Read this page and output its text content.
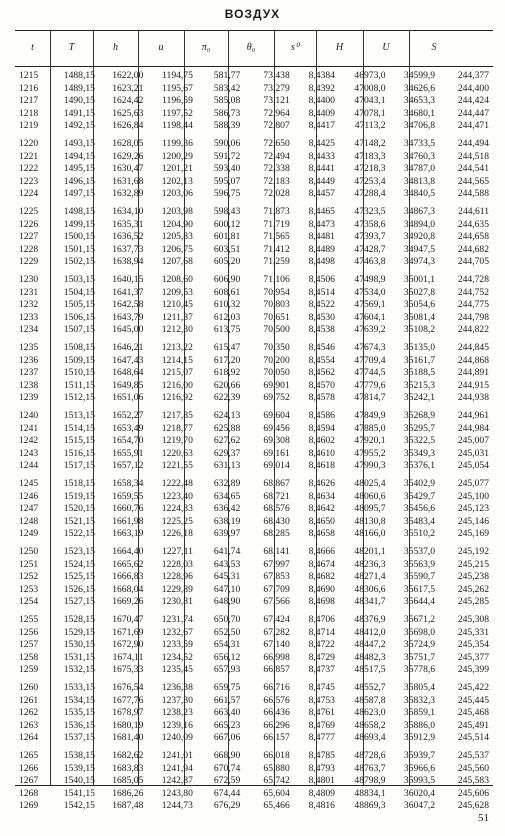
ВОЗДУХ
t	T	h	u	π₀	θ₀	s⁰	H	U	S
1215	1488,15	1622,00	1194,75	581,77	73,438	8,4384	46973,0	34599,9	244,377
1216	1489,15	1623,21	1195,67	583,42	73,279	8,4392	47008,0	34626,6	244,400
1217	1490,15	1624,42	1196,59	585,08	73,121	8,4400	47043,1	34653,3	244,424
1218	1491,15	1625,63	1197,52	586,73	72,964	8,4409	47078,1	34680,1	244,447
1219	1492,15	1626,84	1198,44	588,39	72,807	8,4417	47113,2	34706,8	244,471

1220	1493,15	1628,05	1199,36	590,06	72,650	8,4425	47148,2	34733,5	244,494
1221	1494,15	1629,26	1200,29	591,72	72,494	8,4433	47183,3	34760,3	244,518
1222	1495,15	1630,47	1201,21	593,40	72,338	8,4441	47218,3	34787,0	244,541
1223	1496,15	1631,68	1202,13	595,07	72,183	8,4449	47253,4	34813,8	244,565
1224	1497,15	1632,89	1203,06	596,75	72,028	8,4457	47288,4	34840,5	244,588

1225	1498,15	1634,10	1203,98	598,43	71,873	8,4465	47323,5	34867,3	244,611
1226	1499,15	1635,31	1204,90	600,12	71,719	8,4473	47358,6	34894,0	244,635
1227	1500,15	1636,52	1205,83	601,81	71,565	8,4481	47393,7	34920,8	244,658
1228	1501,15	1637,73	1206,75	603,51	71,412	8,4489	47428,7	34947,5	244,682
1229	1502,15	1638,94	1207,68	605,20	71,259	8,4498	47463,8	34974,3	244,705

1230	1503,15	1640,15	1208,60	606,90	71,106	8,4506	47498,9	35001,1	244,728
1231	1504,15	1641,37	1209,53	608,61	70,954	8,4514	47534,0	35027,8	244,752
1232	1505,15	1642,58	1210,45	610,32	70,803	8,4522	47569,1	35054,6	244,775
1233	1506,15	1643,79	1211,37	612,03	70,651	8,4530	47604,1	35081,4	244,798
1234	1507,15	1645,00	1212,30	613,75	70,500	8,4538	47639,2	35108,2	244,822

1235	1508,15	1646,21	1213,22	615,47	70,350	8,4546	47674,3	35135,0	244,845
1236	1509,15	1647,43	1214,15	617,20	70,200	8,4554	47709,4	35161,7	244,868
1237	1510,15	1648,64	1215,07	618,92	70,050	8,4562	47744,5	35188,5	244,891
1238	1511,15	1649,85	1216,00	620,66	69,901	8,4570	47779,6	35215,3	244,915
1239	1512,15	1651,06	1216,92	622,39	69,752	8,4578	47814,7	35242,1	244,938

1240	1513,15	1652,27	1217,85	624,13	69,604	8,4586	47849,9	35268,9	244,961
1241	1514,15	1653,49	1218,77	625,88	69,456	8,4594	47885,0	35295,7	244,984
1242	1515,15	1654,70	1219,70	627,62	69,308	8,4602	47920,1	35322,5	245,007
1243	1516,15	1655,91	1220,63	629,37	69,161	8,4610	47955,2	35349,3	245,031
1244	1517,15	1657,12	1221,55	631,13	69,014	8,4618	47990,3	35376,1	245,054

1245	1518,15	1658,34	1222,48	632,89	68,867	8,4626	48025,4	35402,9	245,077
1246	1519,15	1659,55	1223,40	634,65	68,721	8,4634	48060,6	35429,7	245,100
1247	1520,15	1660,76	1224,33	636,42	68,576	8,4642	48095,7	35456,6	245,123
1248	1521,15	1661,98	1225,25	638,19	68,430	8,4650	48130,8	35483,4	245,146
1249	1522,15	1663,19	1226,18	639,97	68,285	8,4658	48166,0	35510,2	245,169

1250	1523,15	1664,40	1227,11	641,74	68,141	8,4666	48201,1	35537,0	245,192
1251	1524,15	1665,62	1228,03	643,53	67,997	8,4674	48236,3	35563,9	245,215
1252	1525,15	1666,83	1228,96	645,31	67,853	8,4682	48271,4	35590,7	245,238
1253	1526,15	1668,04	1229,89	647,10	67,709	8,4690	48306,6	35617,5	245,262
1254	1527,15	1669,26	1230,81	648,90	67,566	8,4698	48341,7	35644,4	245,285

1255	1528,15	1670,47	1231,74	650,70	67,424	8,4706	48376,9	35671,2	245,308
1256	1529,15	1671,69	1232,67	652,50	67,282	8,4714	48412,0	35698,0	245,331
1257	1530,15	1672,90	1233,59	654,31	67,140	8,4722	48447,2	35724,9	245,354
1258	1531,15	1674,11	1234,52	656,12	66,998	8,4729	48482,3	35751,7	245,377
1259	1532,15	1675,33	1235,45	657,93	66,857	8,4737	48517,5	35778,6	245,399

1260	1533,15	1676,54	1236,38	659,75	66,716	8,4745	48552,7	35805,4	245,422
1261	1534,15	1677,76	1237,30	661,57	66,576	8,4753	48587,8	35832,3	245,445
1262	1535,15	1678,97	1238,23	663,40	66,436	8,4761	48623,0	35859,1	245,468
1263	1536,15	1680,19	1239,16	665,23	66,296	8,4769	48658,2	35886,0	245,491
1264	1537,15	1681,40	1240,09	667,06	66,157	8,4777	48693,4	35912,9	245,514

1265	1538,15	1682,62	1241,01	668,90	66,018	8,4785	48728,6	35939,7	245,537
1266	1539,15	1683,83	1241,94	670,74	65,880	8,4793	48763,7	35966,6	245,560
1267	1540,15	1685,05	1242,87	672,59	65,742	8,4801	48798,9	35993,5	245,583
1268	1541,15	1686,26	1243,80	674,44	65,604	8,4809	48834,1	36020,4	245,606
1269	1542,15	1687,48	1244,73	676,29	65,466	8,4816	48869,3	36047,2	245,628
51
